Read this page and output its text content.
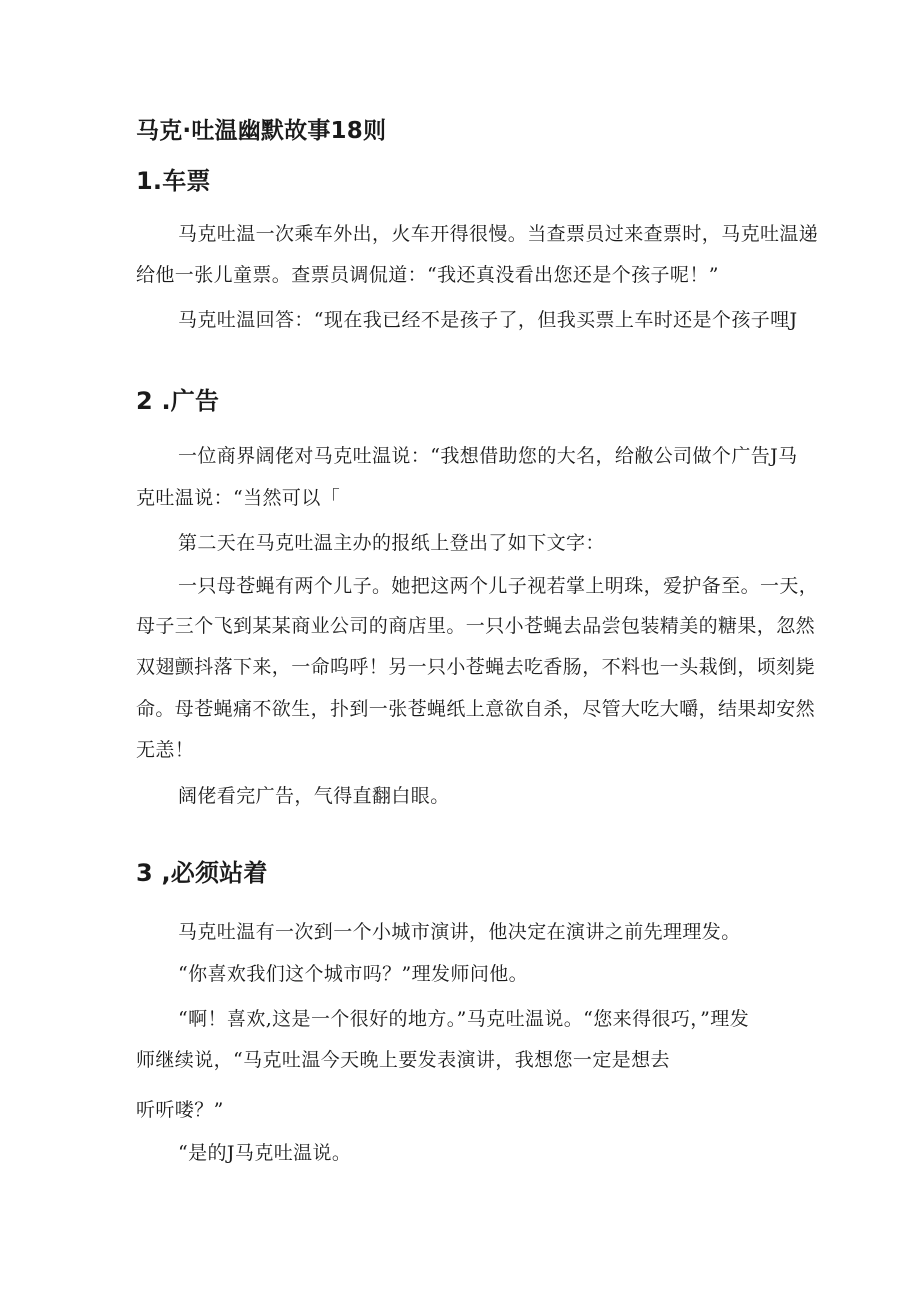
马克·吐温幽默故事18则
1.车票
马克吐温一次乘车外出，火车开得很慢。当查票员过来查票时，马克吐温递
给他一张儿童票。查票员调侃道：“我还真没看出您还是个孩子呢！”
马克吐温回答：“现在我已经不是孩子了，但我买票上车时还是个孩子哩J
2 .广告
一位商界阔佬对马克吐温说：“我想借助您的大名，给敝公司做个广告J马
克吐温说：“当然可以「
第二天在马克吐温主办的报纸上登出了如下文字：
一只母苍蝇有两个儿子。她把这两个儿子视若掌上明珠，爱护备至。一天，
母子三个飞到某某商业公司的商店里。一只小苍蝇去品尝包装精美的糖果，忽然
双翅颤抖落下来，一命呜呼！另一只小苍蝇去吃香肠，不料也一头栽倒，顷刻毙
命。母苍蝇痛不欲生，扑到一张苍蝇纸上意欲自杀，尽管大吃大嚼，结果却安然
无恙！
阔佬看完广告，气得直翻白眼。
3 ,必须站着
马克吐温有一次到一个小城市演讲，他决定在演讲之前先理理发。
“你喜欢我们这个城市吗？”理发师问他。
“啊！喜欢,这是一个很好的地方。”马克吐温说。“您来得很巧，”理发
师继续说，“马克吐温今天晚上要发表演讲，我想您一定是想去
听听喽？”
“是的J马克吐温说。
